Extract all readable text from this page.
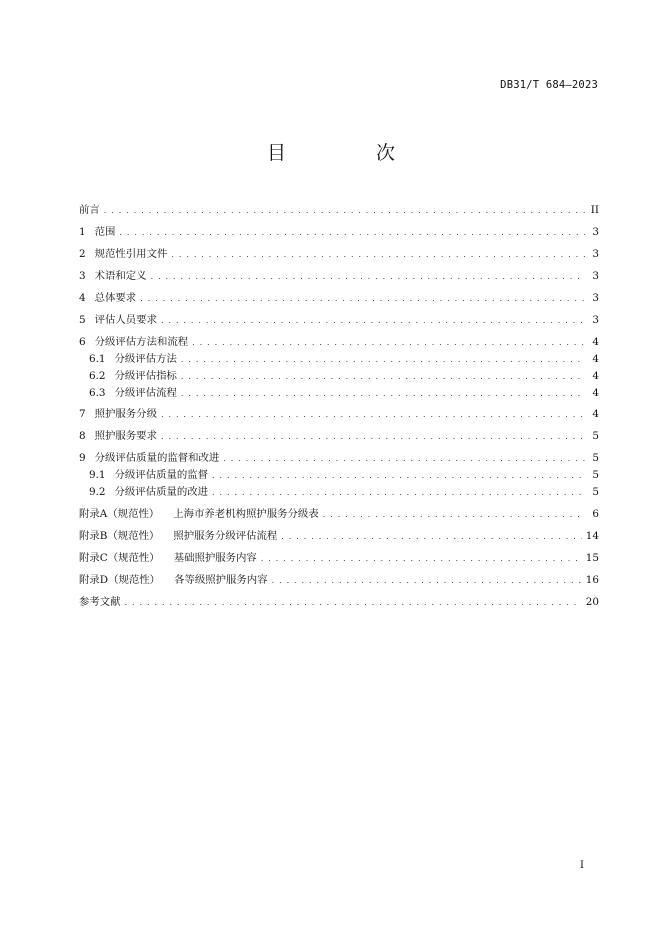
DB31/T 684—2023
目 次
前言 . . .	II
1 范围 . . .	3
2 规范性引用文件 . . .	3
3 术语和定义 . . .	3
4 总体要求 . . .	3
5 评估人员要求 . . .	3
6 分级评估方法和流程 . . .	4
6.1 分级评估方法 . . .	4
6.2 分级评估指标 . . .	4
6.3 分级评估流程 . . .	4
7 照护服务分级 . . .	4
8 照护服务要求 . . .	5
9 分级评估质量的监督和改进 . . .	5
9.1 分级评估质量的监督 . . .	5
9.2 分级评估质量的改进 . . .	5
附录A（规范性） 上海市养老机构照护服务分级表 . . .	6
附录B（规范性） 照护服务分级评估流程 . . .	14
附录C（规范性） 基础照护服务内容 . . .	15
附录D（规范性） 各等级照护服务内容 . . .	16
参考文献 . . .	20
I
